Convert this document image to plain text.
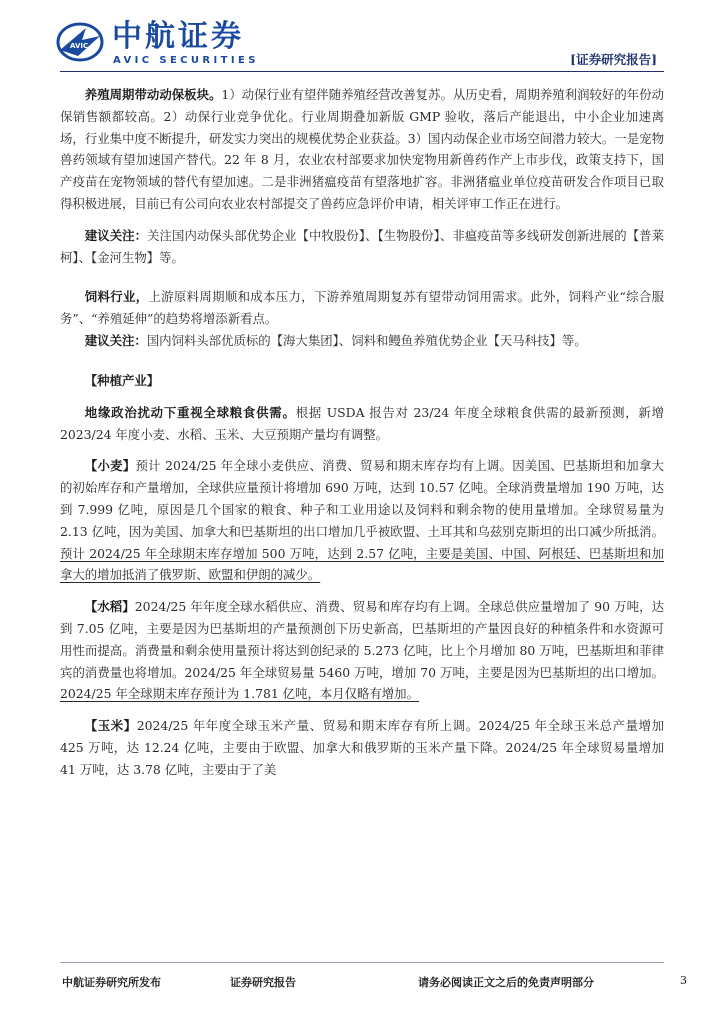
AVIC 中航证券
AVIC SECURITIES	[证券研究报告]

养殖周期带动动保板块。1）动保行业有望伴随养殖经营改善复苏。从历史看，周期养殖利润较好的年份动保销售额都较高。2）动保行业竞争优化。行业周期叠加新版 GMP 验收，落后产能退出，中小企业加速离场，行业集中度不断提升，研发实力突出的规模优势企业获益。3）国内动保企业市场空间潜力较大。一是宠物兽药领域有望加速国产替代。22 年 8 月，农业农村部要求加快宠物用新兽药作产上市步伐，政策支持下，国产疫苗在宠物领域的替代有望加速。二是非洲猪瘟疫苗有望落地扩容。非洲猪瘟业单位疫苗研发合作项目已取得积极进展，目前已有公司向农业农村部提交了兽药应急评价申请，相关评审工作正在进行。

建议关注：关注国内动保头部优势企业【中牧股份】、【生物股份】、非瘟疫苗等多线研发创新进展的【普莱柯】、【金河生物】等。

饲料行业，上游原料周期顺和成本压力，下游养殖周期复苏有望带动饲用需求。此外，饲料产业“综合服务”、“养殖延伸”的趋势将增添新看点。

建议关注：国内饲料头部优质标的【海大集团】、饲料和鳗鱼养殖优势企业【天马科技】等。

【种植产业】

地缘政治扰动下重视全球粮食供需。根据 USDA 报告对 23/24 年度全球粮食供需的最新预测，新增 2023/24 年度小麦、水稻、玉米、大豆预期产量均有调整。

【小麦】预计 2024/25 年全球小麦供应、消费、贸易和期末库存均有上调。因美国、巴基斯坦和加拿大的初始库存和产量增加，全球供应量预计将增加 690 万吨，达到 10.57 亿吨。全球消费量增加 190 万吨，达到 7.999 亿吨，原因是几个国家的粮食、种子和工业用途以及饲料和剩余物的使用量增加。全球贸易量为 2.13 亿吨，因为美国、加拿大和巴基斯坦的出口增加几乎被欧盟、土耳其和乌兹别克斯坦的出口减少所抵消。预计 2024/25 年全球期末库存增加 500 万吨，达到 2.57 亿吨，主要是美国、中国、阿根廷、巴基斯坦和加拿大的增加抵消了俄罗斯、欧盟和伊朗的减少。

【水稻】2024/25 年年度全球水稻供应、消费、贸易和库存均有上调。全球总供应量增加了 90 万吨，达到 7.05 亿吨，主要是因为巴基斯坦的产量预测创下历史新高，巴基斯坦的产量因良好的种植条件和水资源可用性而提高。消费量和剩余使用量预计将达到创纪录的 5.273 亿吨，比上个月增加 80 万吨，巴基斯坦和菲律宾的消费量也将增加。2024/25 年全球贸易量 5460 万吨，增加 70 万吨，主要是因为巴基斯坦的出口增加。2024/25 年全球期末库存预计为 1.781 亿吨，本月仅略有增加。

【玉米】2024/25 年年度全球玉米产量、贸易和期末库存有所上调。2024/25 年全球玉米总产量增加 425 万吨，达 12.24 亿吨，主要由于欧盟、加拿大和俄罗斯的玉米产量下降。2024/25 年全球贸易量增加 41 万吨，达 3.78 亿吨，主要由于了美

中航证券研究所发布	证券研究报告	请务必阅读正文之后的免责声明部分	3
